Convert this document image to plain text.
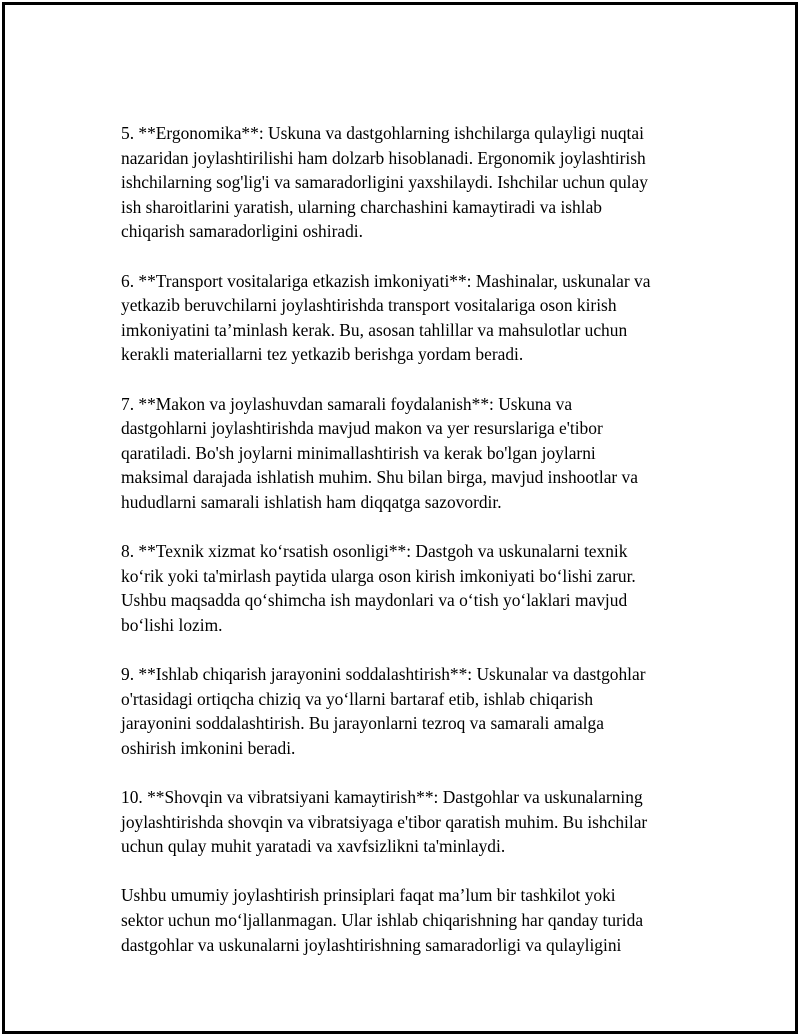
5. **Ergonomika**: Uskuna va dastgohlarning ishchilarga qulayligi nuqtai
nazaridan joylashtirilishi ham dolzarb hisoblanadi. Ergonomik joylashtirish
ishchilarning sog'lig'i va samaradorligini yaxshilaydi. Ishchilar uchun qulay
ish sharoitlarini yaratish, ularning charchashini kamaytiradi va ishlab
chiqarish samaradorligini oshiradi.

6. **Transport vositalariga etkazish imkoniyati**: Mashinalar, uskunalar va
yetkazib beruvchilarni joylashtirishda transport vositalariga oson kirish
imkoniyatini ta’minlash kerak. Bu, asosan tahlillar va mahsulotlar uchun
kerakli materiallarni tez yetkazib berishga yordam beradi.

7. **Makon va joylashuvdan samarali foydalanish**: Uskuna va
dastgohlarni joylashtirishda mavjud makon va yer resurslariga e'tibor
qaratiladi. Bo'sh joylarni minimallashtirish va kerak bo'lgan joylarni
maksimal darajada ishlatish muhim. Shu bilan birga, mavjud inshootlar va
hududlarni samarali ishlatish ham diqqatga sazovordir.

8. **Texnik xizmat ko‘rsatish osonligi**: Dastgoh va uskunalarni texnik
ko‘rik yoki ta'mirlash paytida ularga oson kirish imkoniyati bo‘lishi zarur.
Ushbu maqsadda qo‘shimcha ish maydonlari va o‘tish yo‘laklari mavjud
bo‘lishi lozim.

9. **Ishlab chiqarish jarayonini soddalashtirish**: Uskunalar va dastgohlar
o'rtasidagi ortiqcha chiziq va yo‘llarni bartaraf etib, ishlab chiqarish
jarayonini soddalashtirish. Bu jarayonlarni tezroq va samarali amalga
oshirish imkonini beradi.

10. **Shovqin va vibratsiyani kamaytirish**: Dastgohlar va uskunalarning
joylashtirishda shovqin va vibratsiyaga e'tibor qaratish muhim. Bu ishchilar
uchun qulay muhit yaratadi va xavfsizlikni ta'minlaydi.

Ushbu umumiy joylashtirish prinsiplari faqat ma’lum bir tashkilot yoki
sektor uchun mo‘ljallanmagan. Ular ishlab chiqarishning har qanday turida
dastgohlar va uskunalarni joylashtirishning samaradorligi va qulayligini
